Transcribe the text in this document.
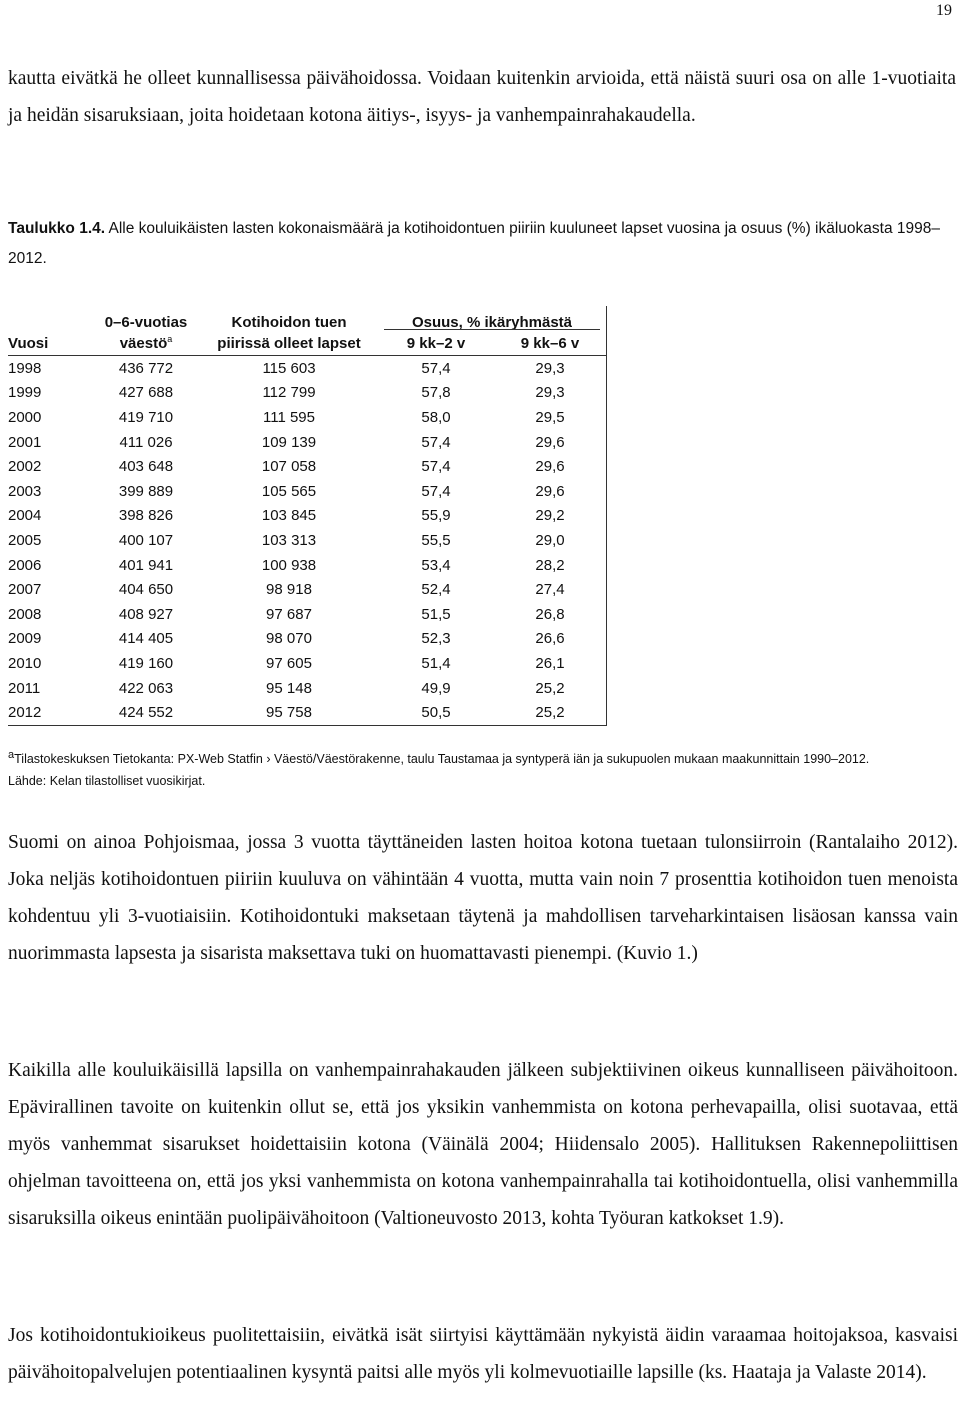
19

kautta eivätkä he olleet kunnallisessa päivähoidossa. Voidaan kuitenkin arvioida, että näistä suuri osa on alle 1-vuotiaita ja heidän sisaruksiaan, joita hoidetaan kotona äitiys-, isyys- ja vanhempainrahakaudella.

Taulukko 1.4. Alle kouluikäisten lasten kokonaismäärä ja kotihoidontuen piiriin kuuluneet lapset vuosina ja osuus (%) ikäluokasta 1998–2012.

	0–6-vuotias	Kotihoidon tuen	Osuus, % ikäryhmästä	
Vuosi	väestö$^a$	piirissä olleet lapset	9 kk–2 v	9 kk–6 v
1998	436 772	115 603	57,4	29,3
1999	427 688	112 799	57,8	29,3
2000	419 710	111 595	58,0	29,5
2001	411 026	109 139	57,4	29,6
2002	403 648	107 058	57,4	29,6
2003	399 889	105 565	57,4	29,6
2004	398 826	103 845	55,9	29,2
2005	400 107	103 313	55,5	29,0
2006	401 941	100 938	53,4	28,2
2007	404 650	98 918	52,4	27,4
2008	408 927	97 687	51,5	26,8
2009	414 405	98 070	52,3	26,6
2010	419 160	97 605	51,4	26,1
2011	422 063	95 148	49,9	25,2
2012	424 552	95 758	50,5	25,2
$^a$Tilastokeskuksen Tietokanta: PX-Web Statfin › Väestö/Väestörakenne, taulu Taustamaa ja syntyperä iän ja sukupuolen mukaan maakunnittain 1990–2012.
Lähde: Kelan tilastolliset vuosikirjat.

Suomi on ainoa Pohjoismaa, jossa 3 vuotta täyttäneiden lasten hoitoa kotona tuetaan tulonsiirroin (Rantalaiho 2012). Joka neljäs kotihoidontuen piiriin kuuluva on vähintään 4 vuotta, mutta vain noin 7 prosenttia kotihoidon tuen menoista kohdentuu yli 3-vuotiaisiin. Kotihoidontuki maksetaan täytenä ja mahdollisen tarveharkintaisen lisäosan kanssa vain nuorimmasta lapsesta ja sisarista maksettava tuki on huomattavasti pienempi. (Kuvio 1.)

Kaikilla alle kouluikäisillä lapsilla on vanhempainrahakauden jälkeen subjektiivinen oikeus kunnalliseen päivähoitoon. Epävirallinen tavoite on kuitenkin ollut se, että jos yksikin vanhemmista on kotona perhevapailla, olisi suotavaa, että myös vanhemmat sisarukset hoidettaisiin kotona (Väinälä 2004; Hiidensalo 2005). Hallituksen Rakennepoliittisen ohjelman tavoitteena on, että jos yksi vanhemmista on kotona vanhempainrahalla tai kotihoidontuella, olisi vanhemmilla sisaruksilla oikeus enintään puolipäivähoitoon (Valtioneuvosto 2013, kohta Työuran katkokset 1.9).

Jos kotihoidontukioikeus puolitettaisiin, eivätkä isät siirtyisi käyttämään nykyistä äidin varaamaa hoitojaksoa, kasvaisi päivähoitopalvelujen potentiaalinen kysyntä paitsi alle myös yli kolmevuotiaille lapsille (ks. Haataja ja Valaste 2014).
